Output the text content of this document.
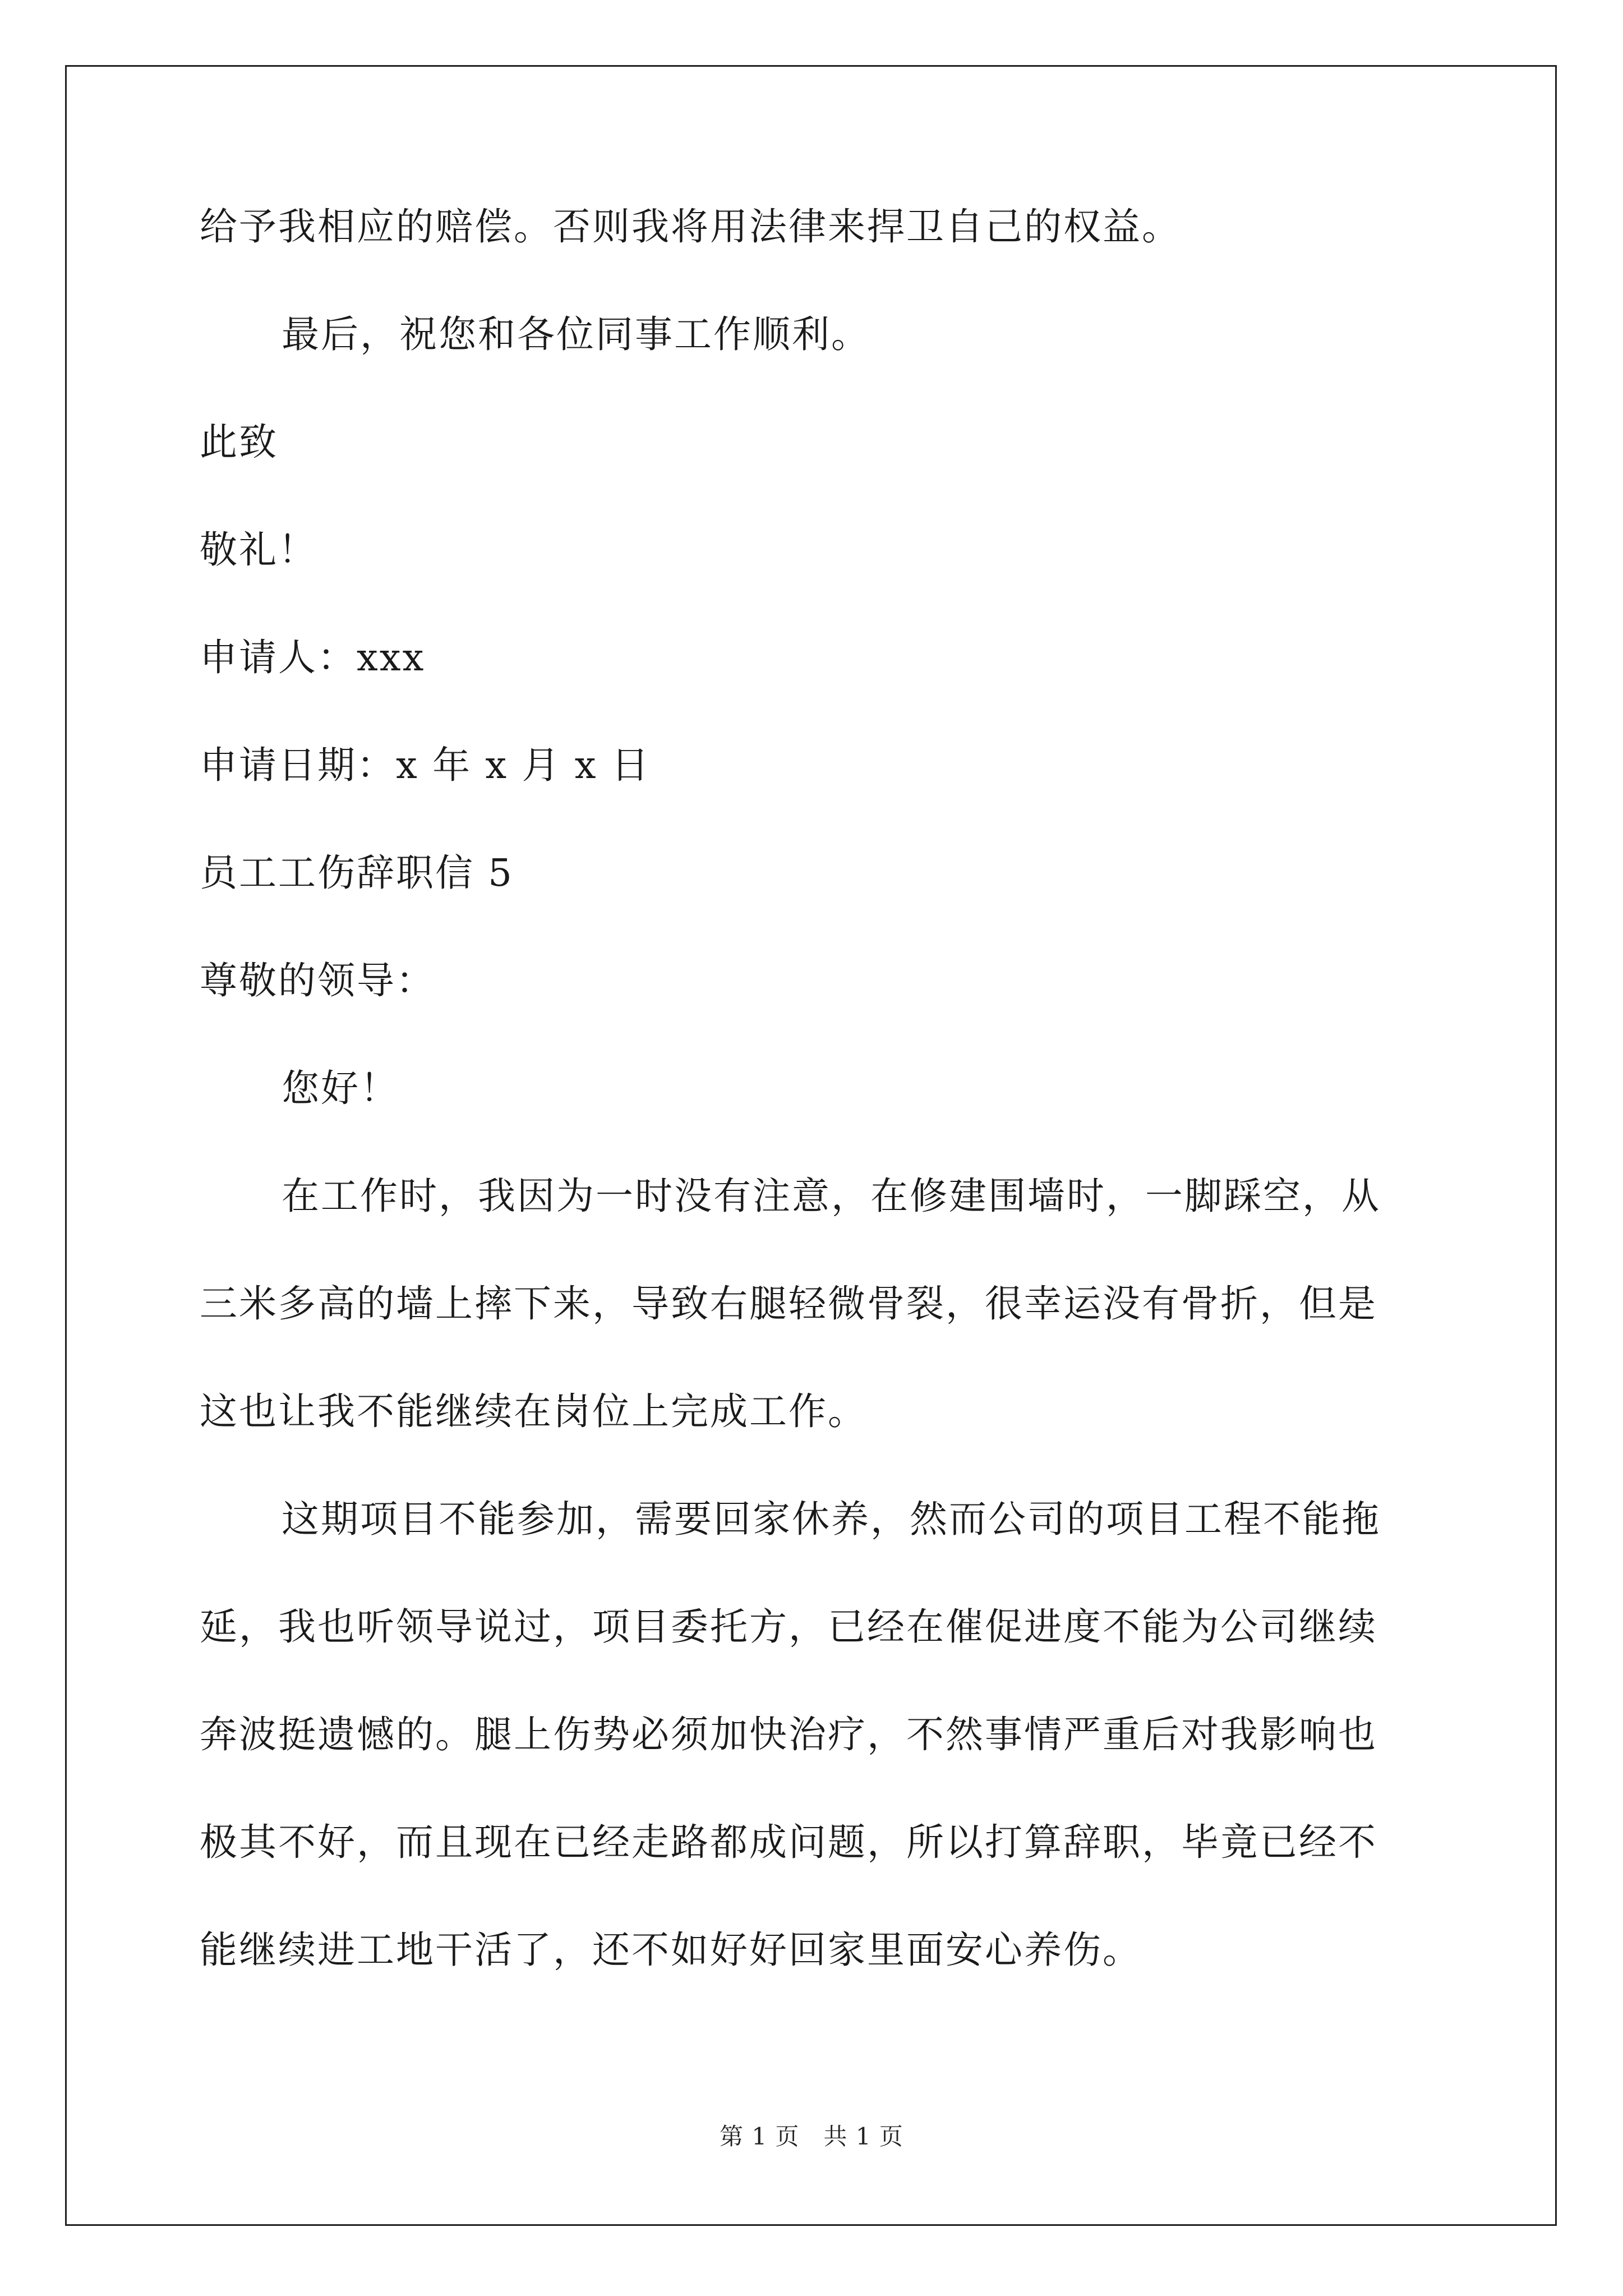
给予我相应的赔偿。否则我将用法律来捍卫自己的权益。
最后，祝您和各位同事工作顺利。
此致
敬礼！
申请人：xxx
申请日期：x 年 x 月 x 日
员工工伤辞职信 5
尊敬的领导：
您好！
在工作时，我因为一时没有注意，在修建围墙时，一脚踩空，从
三米多高的墙上摔下来，导致右腿轻微骨裂，很幸运没有骨折，但是
这也让我不能继续在岗位上完成工作。
这期项目不能参加，需要回家休养，然而公司的项目工程不能拖
延，我也听领导说过，项目委托方，已经在催促进度不能为公司继续
奔波挺遗憾的。腿上伤势必须加快治疗，不然事情严重后对我影响也
极其不好，而且现在已经走路都成问题，所以打算辞职，毕竟已经不
能继续进工地干活了，还不如好好回家里面安心养伤。
第 1 页　共 1 页
